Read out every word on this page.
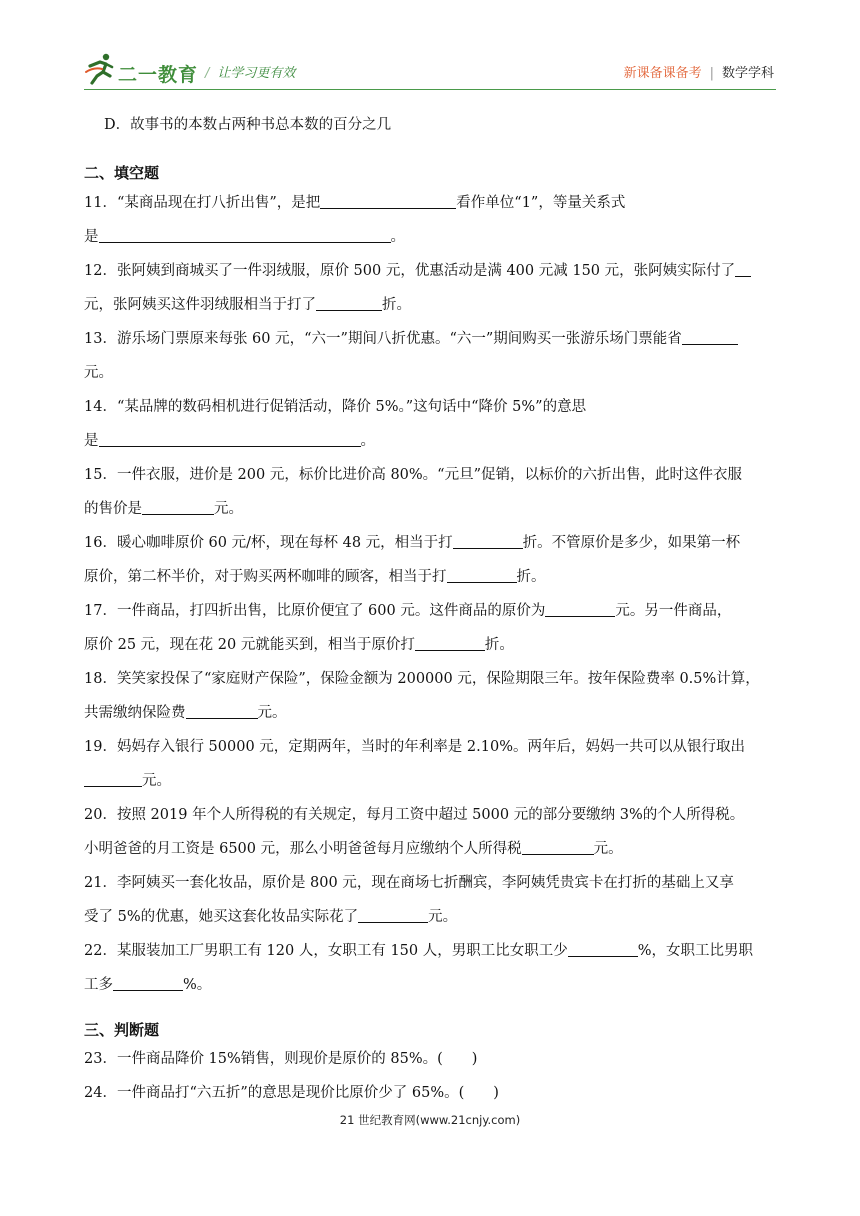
二一教育 / 让学习更有效	新课备课备考 | 数学学科
D．故事书的本数占两种书总本数的百分之几
二、填空题
11．“某商品现在打八折出售”，是把	看作单位“1”，等量关系式
是	。
12．张阿姨到商城买了一件羽绒服，原价 500 元，优惠活动是满 400 元减 150 元，张阿姨实际付了
元，张阿姨买这件羽绒服相当于打了	折。
13．游乐场门票原来每张 60 元，“六一”期间八折优惠。“六一”期间购买一张游乐场门票能省
元。
14．“某品牌的数码相机进行促销活动，降价 5%。”这句话中“降价 5%”的意思
是	。
15．一件衣服，进价是 200 元，标价比进价高 80%。“元旦”促销，以标价的六折出售，此时这件衣服
的售价是	元。
16．暖心咖啡原价 60 元/杯，现在每杯 48 元，相当于打	折。不管原价是多少，如果第一杯
原价，第二杯半价，对于购买两杯咖啡的顾客，相当于打	折。
17．一件商品，打四折出售，比原价便宜了 600 元。这件商品的原价为	元。另一件商品，
原价 25 元，现在花 20 元就能买到，相当于原价打	折。
18．笑笑家投保了“家庭财产保险”，保险金额为 200000 元，保险期限三年。按年保险费率 0.5%计算，
共需缴纳保险费	元。
19．妈妈存入银行 50000 元，定期两年，当时的年利率是 2.10%。两年后，妈妈一共可以从银行取出
元。
20．按照 2019 年个人所得税的有关规定，每月工资中超过 5000 元的部分要缴纳 3%的个人所得税。
小明爸爸的月工资是 6500 元，那么小明爸爸每月应缴纳个人所得税	元。
21．李阿姨买一套化妆品，原价是 800 元，现在商场七折酬宾，李阿姨凭贵宾卡在打折的基础上又享
受了 5%的优惠，她买这套化妆品实际花了	元。
22．某服装加工厂男职工有 120 人，女职工有 150 人，男职工比女职工少	%，女职工比男职
工多	%。
三、判断题
23．一件商品降价 15%销售，则现价是原价的 85%。(　　)
24．一件商品打“六五折”的意思是现价比原价少了 65%。(　　)
21 世纪教育网(www.21cnjy.com)
